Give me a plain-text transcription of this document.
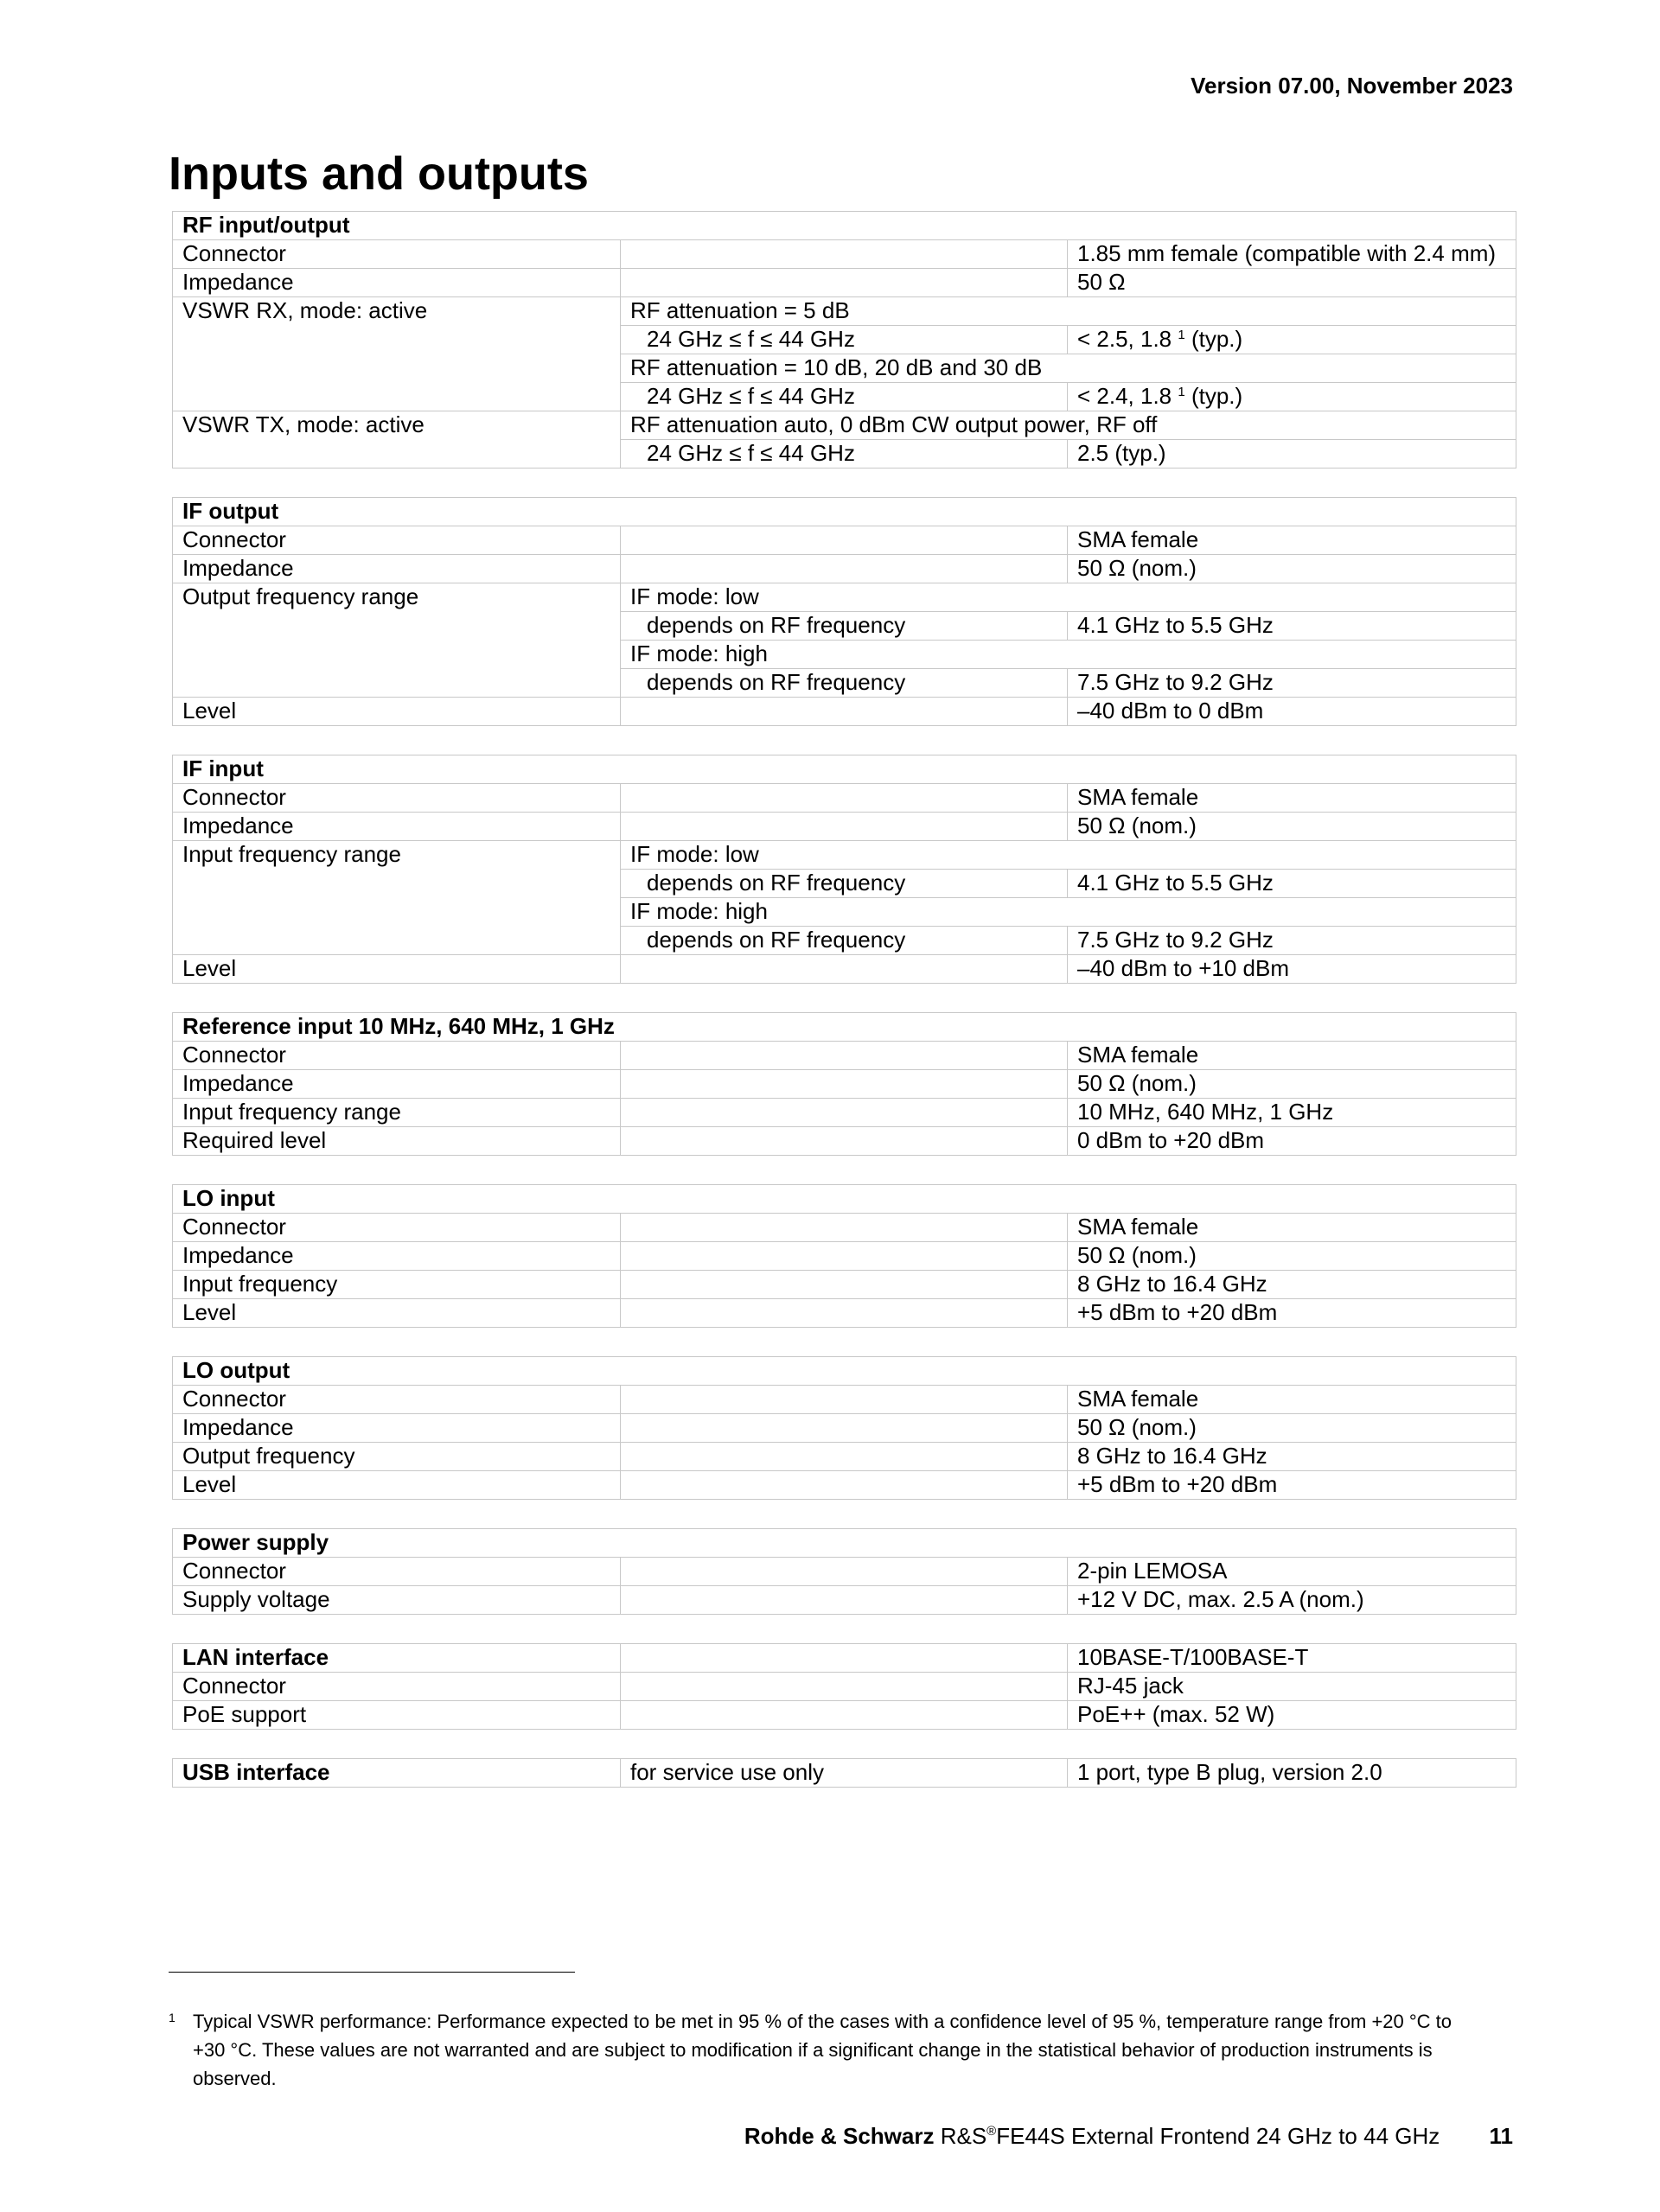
Version 07.00, November 2023
Inputs and outputs
RF input/output		
Connector		1.85 mm female (compatible with 2.4 mm)
Impedance		50 Ω
VSWR RX, mode: active	RF attenuation = 5 dB	
	24 GHz ≤ f ≤ 44 GHz	< 2.5, 1.8 $^1$ (typ.)
	RF attenuation = 10 dB, 20 dB and 30 dB	
	24 GHz ≤ f ≤ 44 GHz	< 2.4, 1.8 $^1$ (typ.)
VSWR TX, mode: active	RF attenuation auto, 0 dBm CW output power, RF off	
	24 GHz ≤ f ≤ 44 GHz	2.5 (typ.)
IF output		
Connector		SMA female
Impedance		50 Ω (nom.)
Output frequency range	IF mode: low	
	depends on RF frequency	4.1 GHz to 5.5 GHz
	IF mode: high	
	depends on RF frequency	7.5 GHz to 9.2 GHz
Level		–40 dBm to 0 dBm
IF input		
Connector		SMA female
Impedance		50 Ω (nom.)
Input frequency range	IF mode: low	
	depends on RF frequency	4.1 GHz to 5.5 GHz
	IF mode: high	
	depends on RF frequency	7.5 GHz to 9.2 GHz
Level		–40 dBm to +10 dBm
Reference input 10 MHz, 640 MHz, 1 GHz		
Connector		SMA female
Impedance		50 Ω (nom.)
Input frequency range		10 MHz, 640 MHz, 1 GHz
Required level		0 dBm to +20 dBm
LO input		
Connector		SMA female
Impedance		50 Ω (nom.)
Input frequency		8 GHz to 16.4 GHz
Level		+5 dBm to +20 dBm
LO output		
Connector		SMA female
Impedance		50 Ω (nom.)
Output frequency		8 GHz to 16.4 GHz
Level		+5 dBm to +20 dBm
Power supply		
Connector		2-pin LEMOSA
Supply voltage		+12 V DC, max. 2.5 A (nom.)
LAN interface		10BASE-T/100BASE-T
Connector		RJ-45 jack
PoE support		PoE++ (max. 52 W)
USB interface	for service use only	1 port, type B plug, version 2.0
1 Typical VSWR performance: Performance expected to be met in 95 % of the cases with a confidence level of 95 %, temperature range from +20 °C to +30 °C. These values are not warranted and are subject to modification if a significant change in the statistical behavior of production instruments is observed.
Rohde & Schwarz R&S®FE44S External Frontend 24 GHz to 44 GHz 11
